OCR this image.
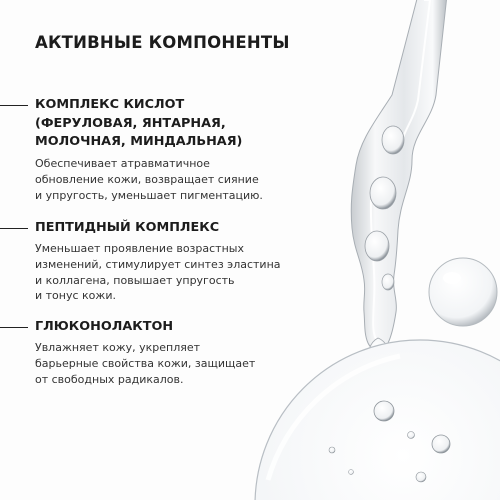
АКТИВНЫЕ КОМПОНЕНТЫ
КОМПЛЕКС КИСЛОТ
(ФЕРУЛОВАЯ, ЯНТАРНАЯ,
МОЛОЧНАЯ, МИНДАЛЬНАЯ)
Обеспечивает атравматичное
обновление кожи, возвращает сияние
и упругость, уменьшает пигментацию.
ПЕПТИДНЫЙ КОМПЛЕКС
Уменьшает проявление возрастных
изменений, стимулирует синтез эластина
и коллагена, повышает упругость
и тонус кожи.
ГЛЮКОНОЛАКТОН
Увлажняет кожу, укрепляет
барьерные свойства кожи, защищает
от свободных радикалов.
